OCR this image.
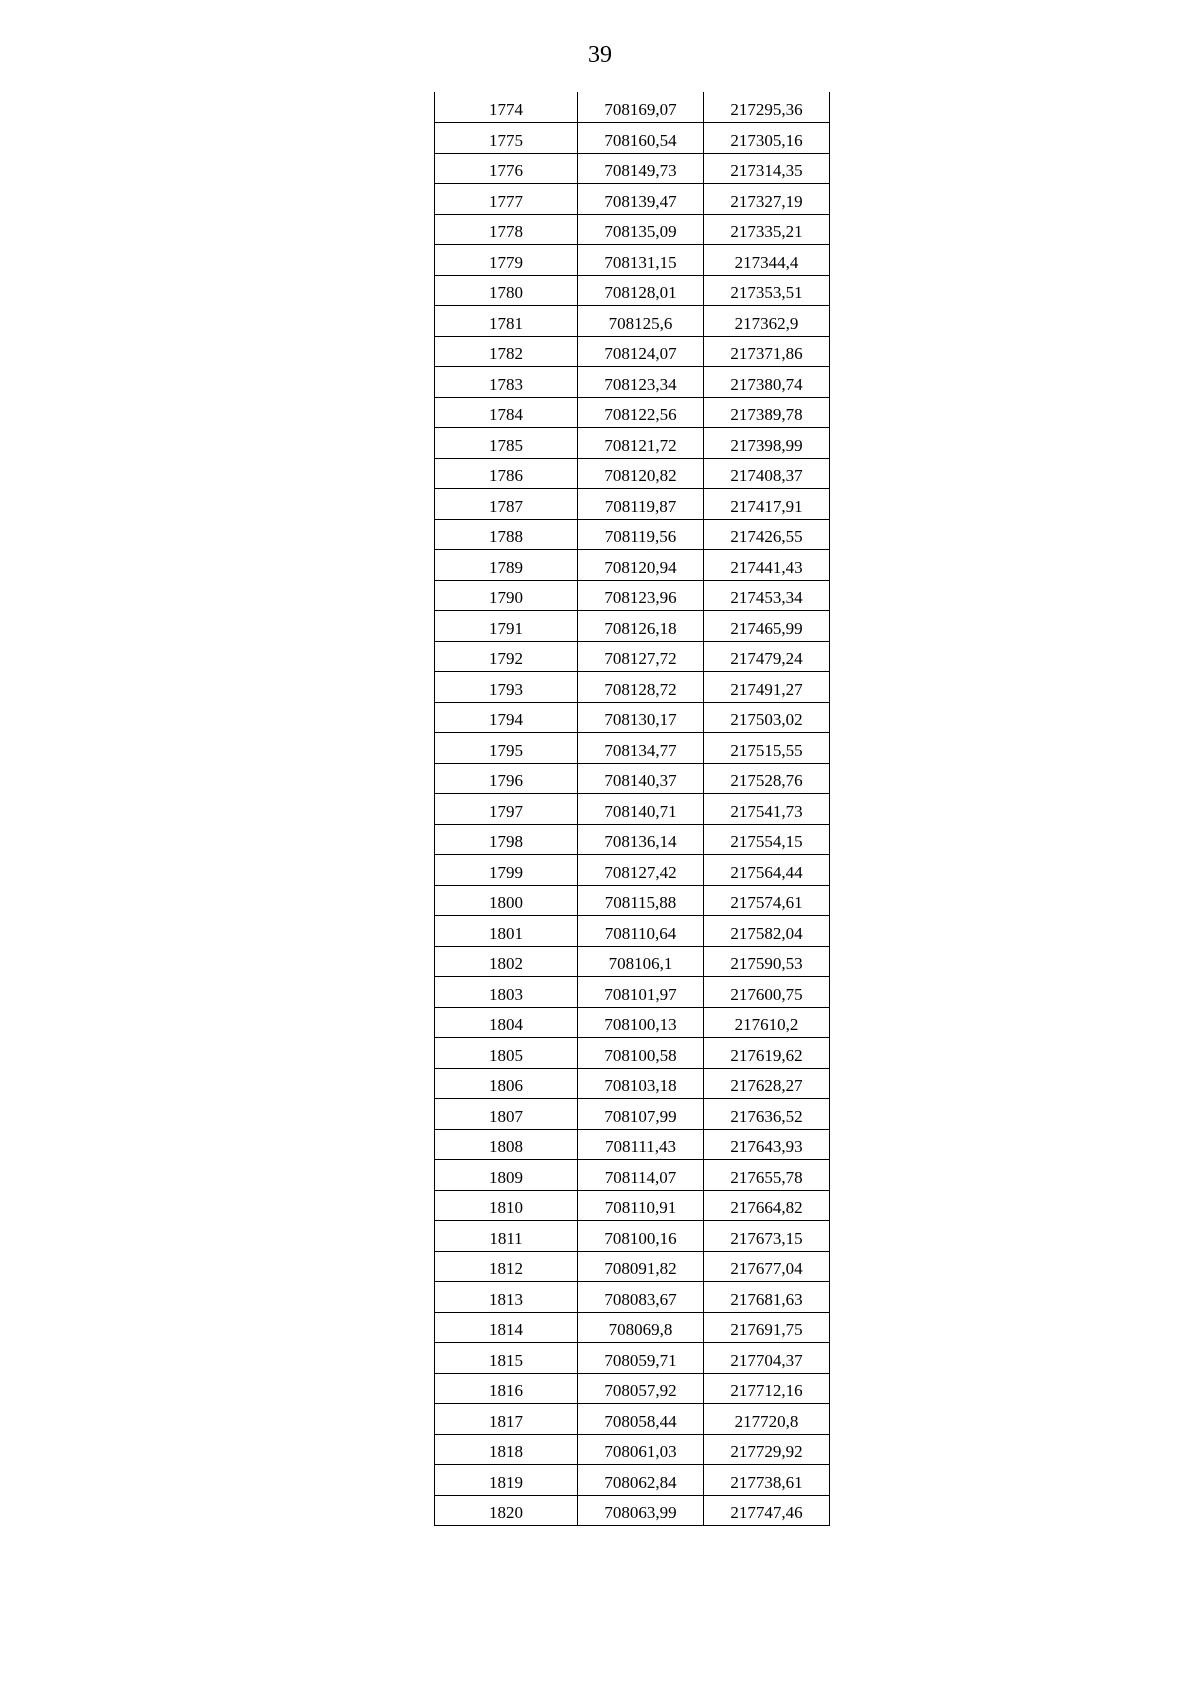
39
1774	708169,07	217295,36
1775	708160,54	217305,16
1776	708149,73	217314,35
1777	708139,47	217327,19
1778	708135,09	217335,21
1779	708131,15	217344,4
1780	708128,01	217353,51
1781	708125,6	217362,9
1782	708124,07	217371,86
1783	708123,34	217380,74
1784	708122,56	217389,78
1785	708121,72	217398,99
1786	708120,82	217408,37
1787	708119,87	217417,91
1788	708119,56	217426,55
1789	708120,94	217441,43
1790	708123,96	217453,34
1791	708126,18	217465,99
1792	708127,72	217479,24
1793	708128,72	217491,27
1794	708130,17	217503,02
1795	708134,77	217515,55
1796	708140,37	217528,76
1797	708140,71	217541,73
1798	708136,14	217554,15
1799	708127,42	217564,44
1800	708115,88	217574,61
1801	708110,64	217582,04
1802	708106,1	217590,53
1803	708101,97	217600,75
1804	708100,13	217610,2
1805	708100,58	217619,62
1806	708103,18	217628,27
1807	708107,99	217636,52
1808	708111,43	217643,93
1809	708114,07	217655,78
1810	708110,91	217664,82
1811	708100,16	217673,15
1812	708091,82	217677,04
1813	708083,67	217681,63
1814	708069,8	217691,75
1815	708059,71	217704,37
1816	708057,92	217712,16
1817	708058,44	217720,8
1818	708061,03	217729,92
1819	708062,84	217738,61
1820	708063,99	217747,46
